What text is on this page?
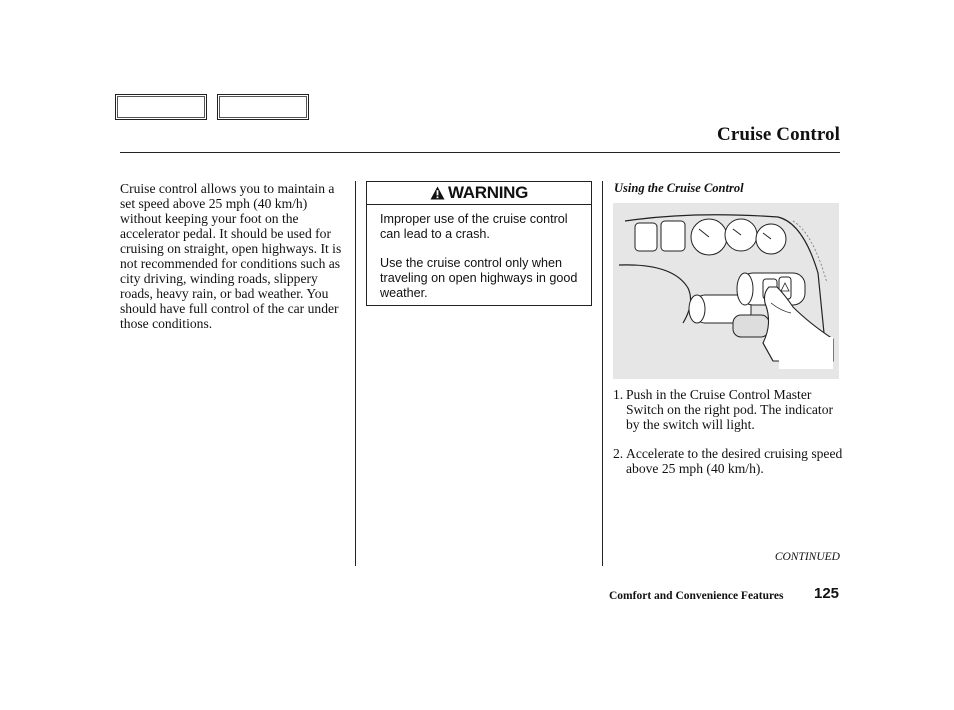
Cruise Control

Cruise control allows you to maintain a set speed above 25 mph (40 km/h) without keeping your foot on the accelerator pedal. It should be used for cruising on straight, open highways. It is not recommended for conditions such as city driving, winding roads, slippery roads, heavy rain, or bad weather. You should have full control of the car under those conditions.

WARNING

Improper use of the cruise control can lead to a crash.

Use the cruise control only when traveling on open highways in good weather.

Using the Cruise Control

1. Push in the Cruise Control Master Switch on the right pod. The indicator by the switch will light.
2. Accelerate to the desired cruising speed above 25 mph (40 km/h).
CONTINUED
Comfort and Convenience Features 125
